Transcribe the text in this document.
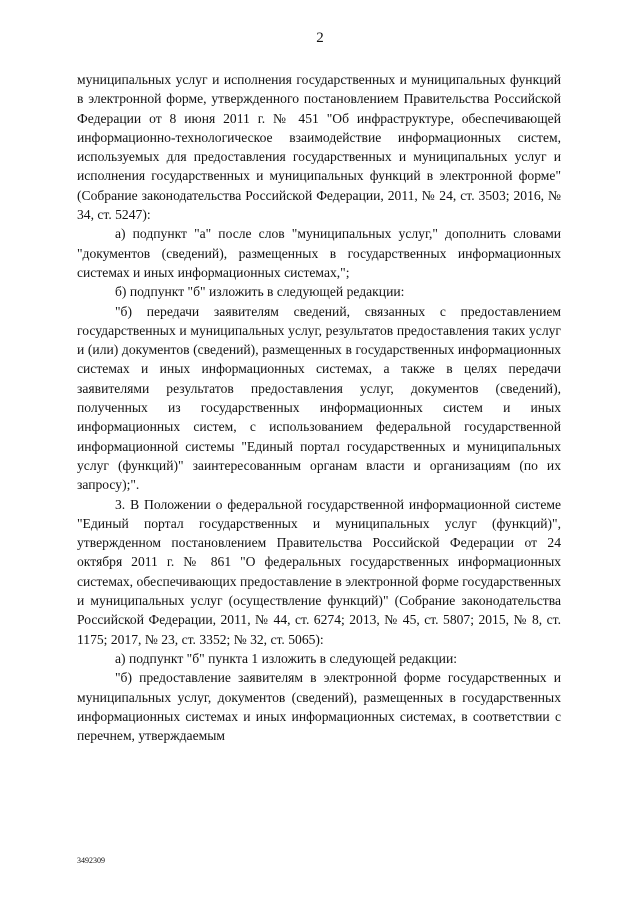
2

муниципальных услуг и исполнения государственных и муниципальных функций в электронной форме, утвержденного постановлением Правительства Российской Федерации от 8 июня 2011 г. № 451 "Об инфраструктуре, обеспечивающей информационно-технологическое взаимодействие информационных систем, используемых для предоставления государственных и муниципальных услуг и исполнения государственных и муниципальных функций в электронной форме" (Собрание законодательства Российской Федерации, 2011, № 24, ст. 3503; 2016, № 34, ст. 5247):

а) подпункт "а" после слов "муниципальных услуг," дополнить словами "документов (сведений), размещенных в государственных информационных системах и иных информационных системах,";

б) подпункт "б" изложить в следующей редакции:

"б) передачи заявителям сведений, связанных с предоставлением государственных и муниципальных услуг, результатов предоставления таких услуг и (или) документов (сведений), размещенных в государственных информационных системах и иных информационных системах, а также в целях передачи заявителями результатов предоставления услуг, документов (сведений), полученных из государственных информационных систем и иных информационных систем, с использованием федеральной государственной информационной системы "Единый портал государственных и муниципальных услуг (функций)" заинтересованным органам власти и организациям (по их запросу);".

3. В Положении о федеральной государственной информационной системе "Единый портал государственных и муниципальных услуг (функций)", утвержденном постановлением Правительства Российской Федерации от 24 октября 2011 г. № 861 "О федеральных государственных информационных системах, обеспечивающих предоставление в электронной форме государственных и муниципальных услуг (осуществление функций)" (Собрание законодательства Российской Федерации, 2011, № 44, ст. 6274; 2013, № 45, ст. 5807; 2015, № 8, ст. 1175; 2017, № 23, ст. 3352; № 32, ст. 5065):

а) подпункт "б" пункта 1 изложить в следующей редакции:

"б) предоставление заявителям в электронной форме государственных и муниципальных услуг, документов (сведений), размещенных в государственных информационных системах и иных информационных системах, в соответствии с перечнем, утверждаемым

3492309
